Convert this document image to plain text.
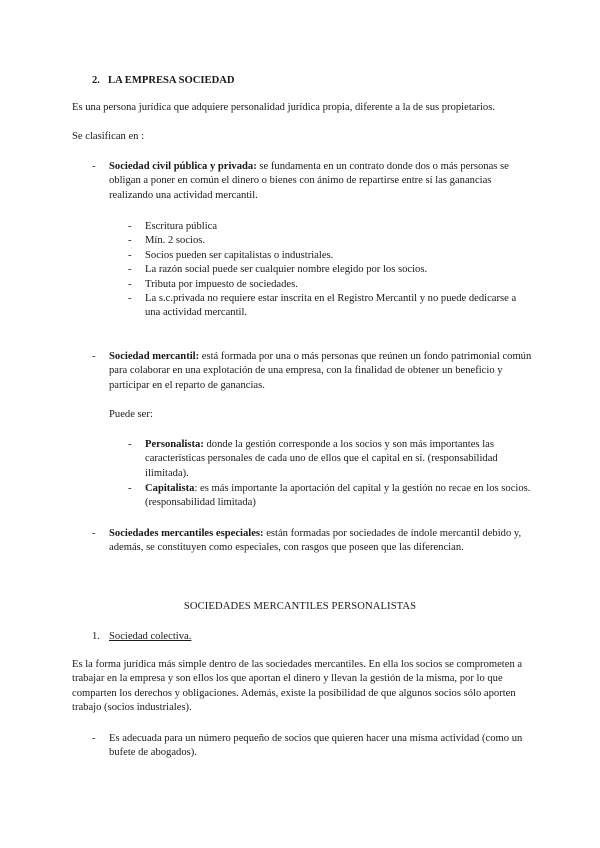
2. LA EMPRESA SOCIEDAD

Es una persona jurídica que adquiere personalidad jurídica propia, diferente a la de sus propietarios.

Se clasifican en :

- Sociedad civil pública y privada: se fundamenta en un contrato donde dos o más personas se obligan a poner en común el dinero o bienes con ánimo de repartirse entre sí las ganancias realizando una actividad mercantil.
- Escritura pública
- Mín. 2 socios.
- Socios pueden ser capitalistas o industriales.
- La razón social puede ser cualquier nombre elegido por los socios.
- Tributa por impuesto de sociedades.
- La s.c.privada no requiere estar inscrita en el Registro Mercantil y no puede dedicarse a una actividad mercantil.
- Sociedad mercantil: está formada por una o más personas que reúnen un fondo patrimonial común para colaborar en una explotación de una empresa, con la finalidad de obtener un beneficio y participar en el reparto de ganancias.

Puede ser:

- Personalista: donde la gestión corresponde a los socios y son más importantes las características personales de cada uno de ellos que el capital en sí. (responsabilidad ilimitada).
- Capitalista: es más importante la aportación del capital y la gestión no recae en los socios. (responsabilidad limitada)
- Sociedades mercantiles especiales: están formadas por sociedades de índole mercantil debido y, además, se constituyen como especiales, con rasgos que poseen que las diferencian.

SOCIEDADES MERCANTILES PERSONALISTAS

1. Sociedad colectiva.

Es la forma jurídica más simple dentro de las sociedades mercantiles. En ella los socios se comprometen a trabajar en la empresa y son ellos los que aportan el dinero y llevan la gestión de la misma, por lo que comparten los derechos y obligaciones. Además, existe la posibilidad de que algunos socios sólo aporten trabajo (socios industriales).

- Es adecuada para un número pequeño de socios que quieren hacer una misma actividad (como un bufete de abogados).
